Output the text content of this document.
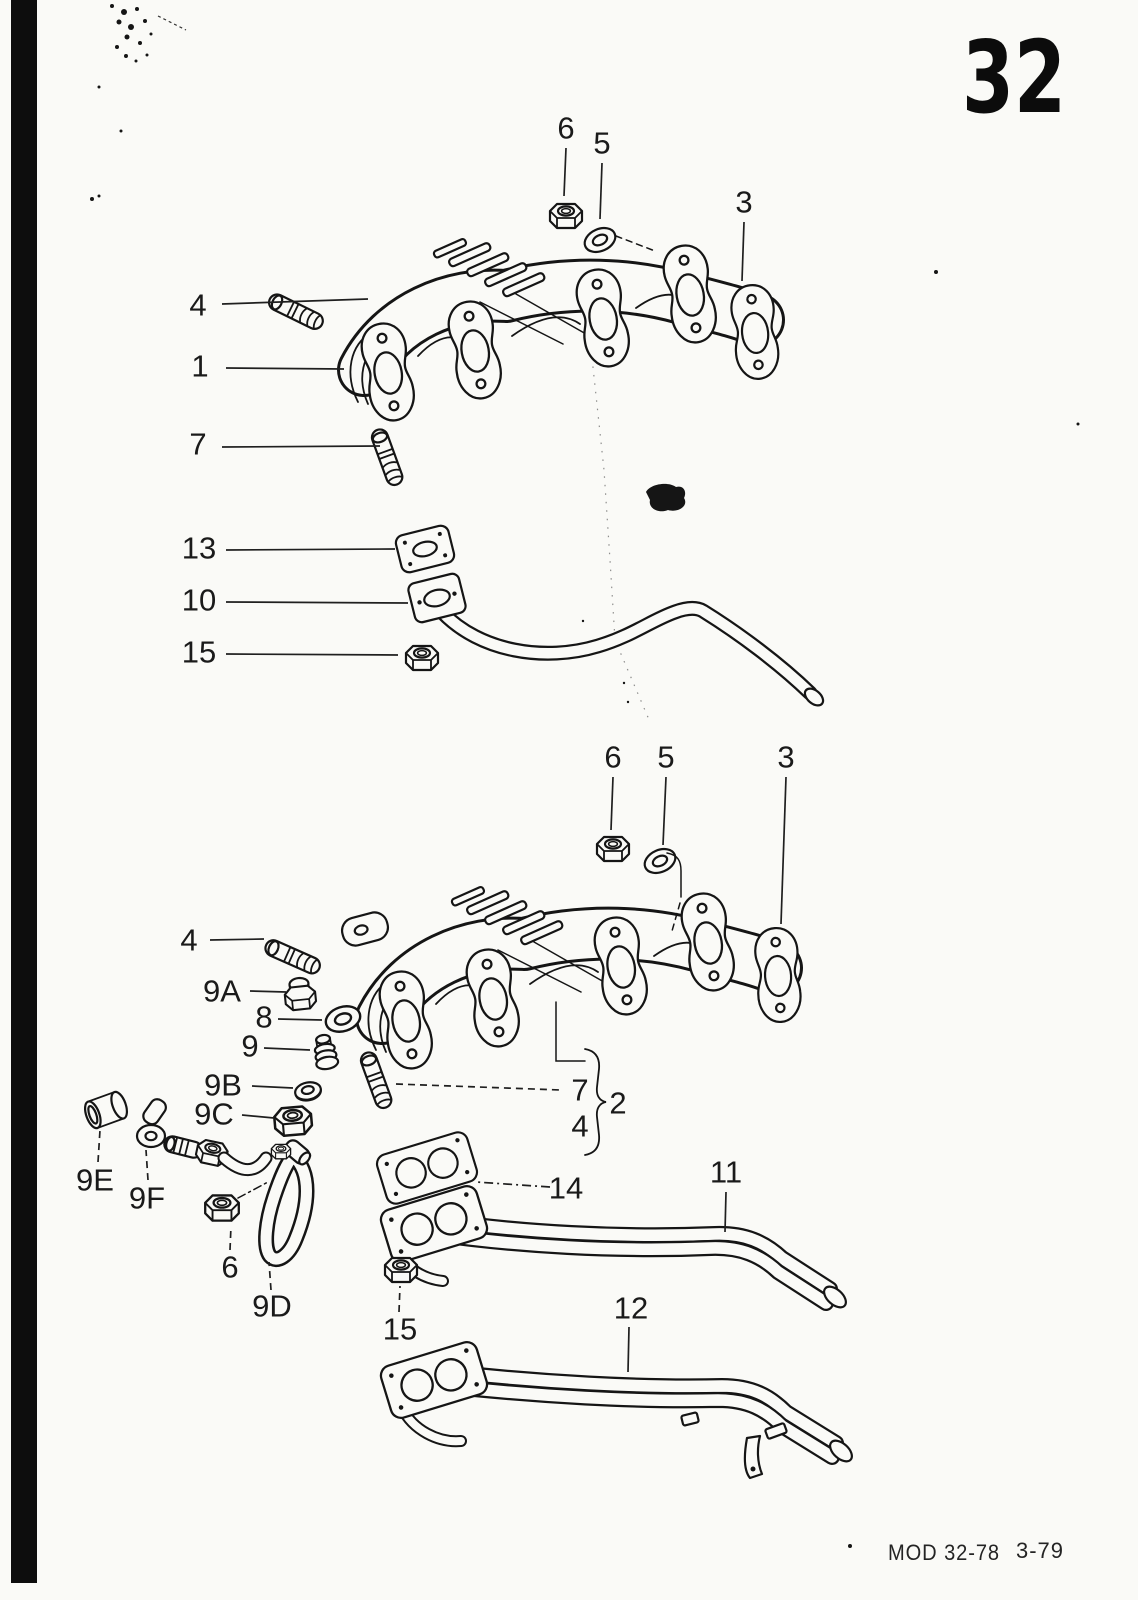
32
MOD 32-78 3-79
6 5
3
4
1
7
13
10
15
6 5	3
4
9A
8
9
9B
9C
9E
9F
6
9D
15
14	11
12
7
4
2
